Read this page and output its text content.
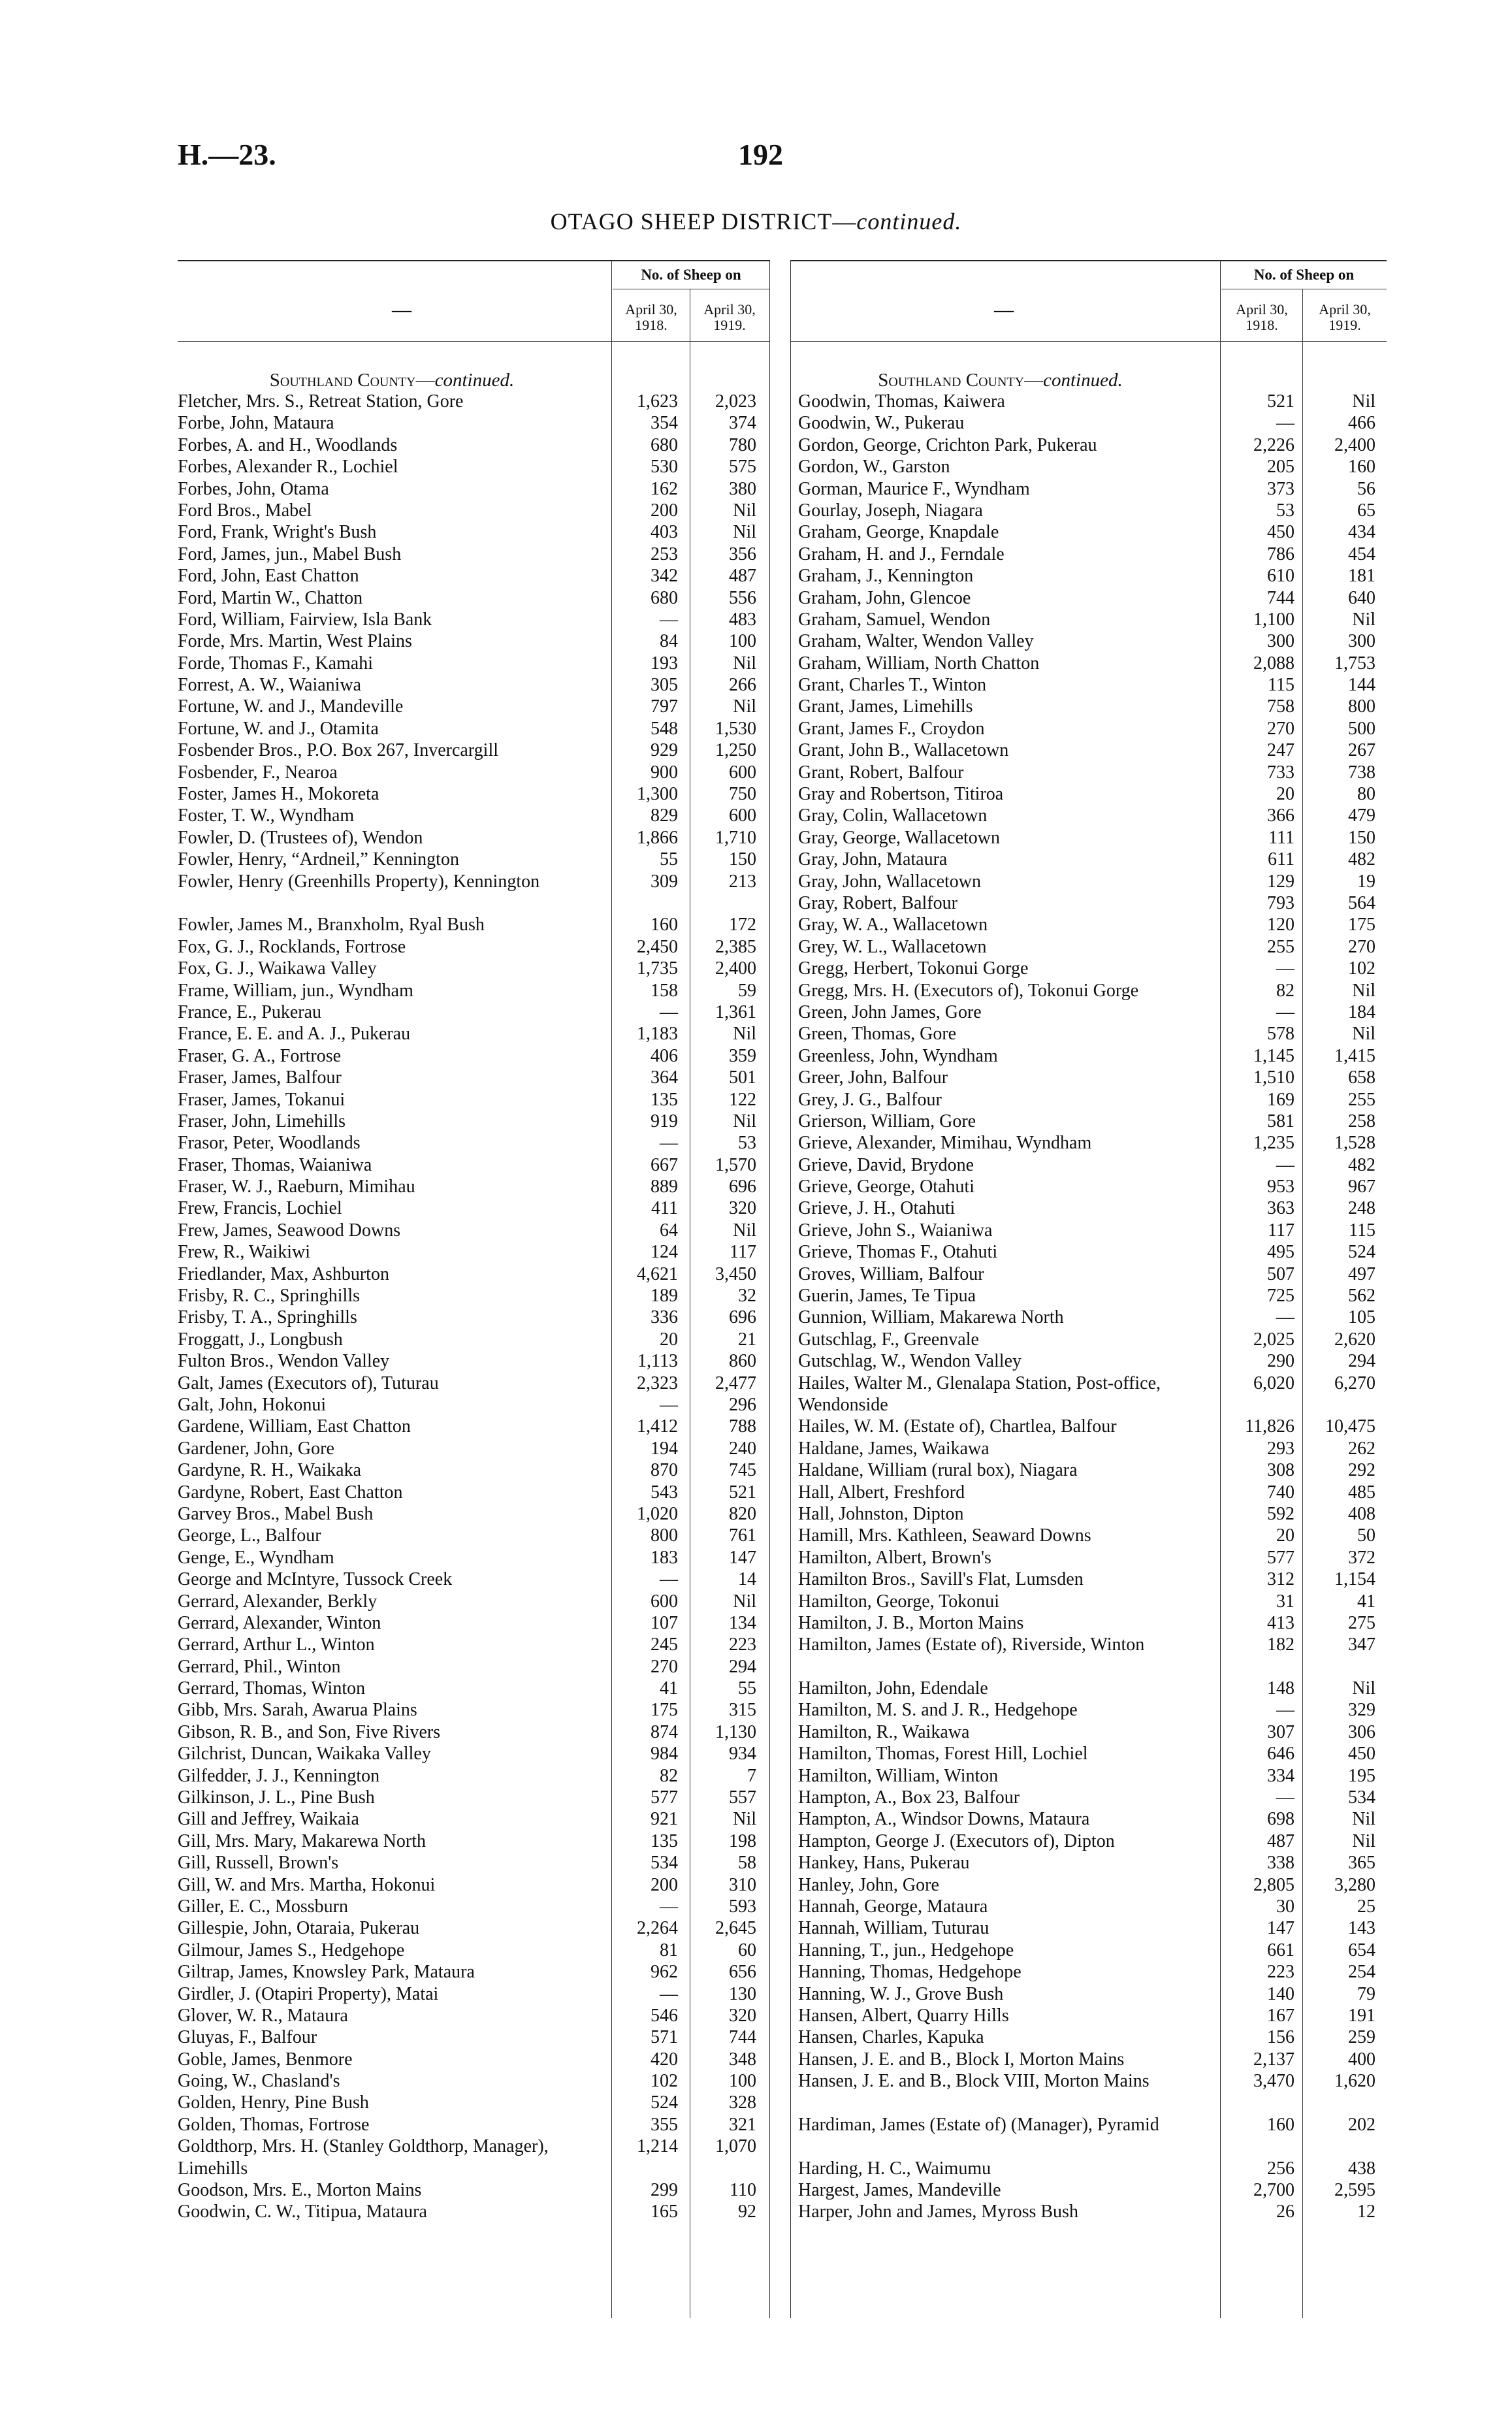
H.—23.	192
OTAGO SHEEP DISTRICT—continued.
—
No. of Sheep on
April 30, 1918.
April 30, 1919.
Southland County—continued.
Fletcher, Mrs. S., Retreat Station, Gore	1,623	2,023
Forbe, John, Mataura	354	374
Forbes, A. and H., Woodlands	680	780
Forbes, Alexander R., Lochiel	530	575
Forbes, John, Otama	162	380
Ford Bros., Mabel	200	Nil
Ford, Frank, Wright's Bush	403	Nil
Ford, James, jun., Mabel Bush	253	356
Ford, John, East Chatton	342	487
Ford, Martin W., Chatton	680	556
Ford, William, Fairview, Isla Bank	—	483
Forde, Mrs. Martin, West Plains	84	100
Forde, Thomas F., Kamahi	193	Nil
Forrest, A. W., Waianiwa	305	266
Fortune, W. and J., Mandeville	797	Nil
Fortune, W. and J., Otamita	548	1,530
Fosbender Bros., P.O. Box 267, Invercargill	929	1,250
Fosbender, F., Nearoa	900	600
Foster, James H., Mokoreta	1,300	750
Foster, T. W., Wyndham	829	600
Fowler, D. (Trustees of), Wendon	1,866	1,710
Fowler, Henry, “Ardneil,” Kennington	55	150
Fowler, Henry (Greenhills Property), Kennington	309	213
Fowler, James M., Branxholm, Ryal Bush	160	172
Fox, G. J., Rocklands, Fortrose	2,450	2,385
Fox, G. J., Waikawa Valley	1,735	2,400
Frame, William, jun., Wyndham	158	59
France, E., Pukerau	—	1,361
France, E. E. and A. J., Pukerau	1,183	Nil
Fraser, G. A., Fortrose	406	359
Fraser, James, Balfour	364	501
Fraser, James, Tokanui	135	122
Fraser, John, Limehills	919	Nil
Frasor, Peter, Woodlands	—	53
Fraser, Thomas, Waianiwa	667	1,570
Fraser, W. J., Raeburn, Mimihau	889	696
Frew, Francis, Lochiel	411	320
Frew, James, Seawood Downs	64	Nil
Frew, R., Waikiwi	124	117
Friedlander, Max, Ashburton	4,621	3,450
Frisby, R. C., Springhills	189	32
Frisby, T. A., Springhills	336	696
Froggatt, J., Longbush	20	21
Fulton Bros., Wendon Valley	1,113	860
Galt, James (Executors of), Tuturau	2,323	2,477
Galt, John, Hokonui	—	296
Gardene, William, East Chatton	1,412	788
Gardener, John, Gore	194	240
Gardyne, R. H., Waikaka	870	745
Gardyne, Robert, East Chatton	543	521
Garvey Bros., Mabel Bush	1,020	820
George, L., Balfour	800	761
Genge, E., Wyndham	183	147
George and McIntyre, Tussock Creek	—	14
Gerrard, Alexander, Berkly	600	Nil
Gerrard, Alexander, Winton	107	134
Gerrard, Arthur L., Winton	245	223
Gerrard, Phil., Winton	270	294
Gerrard, Thomas, Winton	41	55
Gibb, Mrs. Sarah, Awarua Plains	175	315
Gibson, R. B., and Son, Five Rivers	874	1,130
Gilchrist, Duncan, Waikaka Valley	984	934
Gilfedder, J. J., Kennington	82	7
Gilkinson, J. L., Pine Bush	577	557
Gill and Jeffrey, Waikaia	921	Nil
Gill, Mrs. Mary, Makarewa North	135	198
Gill, Russell, Brown's	534	58
Gill, W. and Mrs. Martha, Hokonui	200	310
Giller, E. C., Mossburn	—	593
Gillespie, John, Otaraia, Pukerau	2,264	2,645
Gilmour, James S., Hedgehope	81	60
Giltrap, James, Knowsley Park, Mataura	962	656
Girdler, J. (Otapiri Property), Matai	—	130
Glover, W. R., Mataura	546	320
Gluyas, F., Balfour	571	744
Goble, James, Benmore	420	348
Going, W., Chasland's	102	100
Golden, Henry, Pine Bush	524	328
Golden, Thomas, Fortrose	355	321
Goldthorp, Mrs. H. (Stanley Goldthorp, Manager), Limehills
1,214	1,070
Goodson, Mrs. E., Morton Mains	299	110
Goodwin, C. W., Titipua, Mataura	165	92
—
No. of Sheep on
April 30, 1918.
April 30, 1919.
Southland County—continued.
Goodwin, Thomas, Kaiwera	521	Nil
Goodwin, W., Pukerau	—	466
Gordon, George, Crichton Park, Pukerau	2,226	2,400
Gordon, W., Garston	205	160
Gorman, Maurice F., Wyndham	373	56
Gourlay, Joseph, Niagara	53	65
Graham, George, Knapdale	450	434
Graham, H. and J., Ferndale	786	454
Graham, J., Kennington	610	181
Graham, John, Glencoe	744	640
Graham, Samuel, Wendon	1,100	Nil
Graham, Walter, Wendon Valley	300	300
Graham, William, North Chatton	2,088	1,753
Grant, Charles T., Winton	115	144
Grant, James, Limehills	758	800
Grant, James F., Croydon	270	500
Grant, John B., Wallacetown	247	267
Grant, Robert, Balfour	733	738
Gray and Robertson, Titiroa	20	80
Gray, Colin, Wallacetown	366	479
Gray, George, Wallacetown	111	150
Gray, John, Mataura	611	482
Gray, John, Wallacetown	129	19
Gray, Robert, Balfour	793	564
Gray, W. A., Wallacetown	120	175
Grey, W. L., Wallacetown	255	270
Gregg, Herbert, Tokonui Gorge	—	102
Gregg, Mrs. H. (Executors of), Tokonui Gorge	82	Nil
Green, John James, Gore	—	184
Green, Thomas, Gore	578	Nil
Greenless, John, Wyndham	1,145	1,415
Greer, John, Balfour	1,510	658
Grey, J. G., Balfour	169	255
Grierson, William, Gore	581	258
Grieve, Alexander, Mimihau, Wyndham	1,235	1,528
Grieve, David, Brydone	—	482
Grieve, George, Otahuti	953	967
Grieve, J. H., Otahuti	363	248
Grieve, John S., Waianiwa	117	115
Grieve, Thomas F., Otahuti	495	524
Groves, William, Balfour	507	497
Guerin, James, Te Tipua	725	562
Gunnion, William, Makarewa North	—	105
Gutschlag, F., Greenvale	2,025	2,620
Gutschlag, W., Wendon Valley	290	294
Hailes, Walter M., Glenalapa Station, Post-office, Wendonside
6,020	6,270
Hailes, W. M. (Estate of), Chartlea, Balfour	11,826	10,475
Haldane, James, Waikawa	293	262
Haldane, William (rural box), Niagara	308	292
Hall, Albert, Freshford	740	485
Hall, Johnston, Dipton	592	408
Hamill, Mrs. Kathleen, Seaward Downs	20	50
Hamilton, Albert, Brown's	577	372
Hamilton Bros., Savill's Flat, Lumsden	312	1,154
Hamilton, George, Tokonui	31	41
Hamilton, J. B., Morton Mains	413	275
Hamilton, James (Estate of), Riverside, Winton	182	347
Hamilton, John, Edendale	148	Nil
Hamilton, M. S. and J. R., Hedgehope	—	329
Hamilton, R., Waikawa	307	306
Hamilton, Thomas, Forest Hill, Lochiel	646	450
Hamilton, William, Winton	334	195
Hampton, A., Box 23, Balfour	—	534
Hampton, A., Windsor Downs, Mataura	698	Nil
Hampton, George J. (Executors of), Dipton	487	Nil
Hankey, Hans, Pukerau	338	365
Hanley, John, Gore	2,805	3,280
Hannah, George, Mataura	30	25
Hannah, William, Tuturau	147	143
Hanning, T., jun., Hedgehope	661	654
Hanning, Thomas, Hedgehope	223	254
Hanning, W. J., Grove Bush	140	79
Hansen, Albert, Quarry Hills	167	191
Hansen, Charles, Kapuka	156	259
Hansen, J. E. and B., Block I, Morton Mains	2,137	400
Hansen, J. E. and B., Block VIII, Morton Mains	3,470	1,620
Hardiman, James (Estate of) (Manager), Pyramid	160	202
Harding, H. C., Waimumu	256	438
Hargest, James, Mandeville	2,700	2,595
Harper, John and James, Myross Bush	26	12
